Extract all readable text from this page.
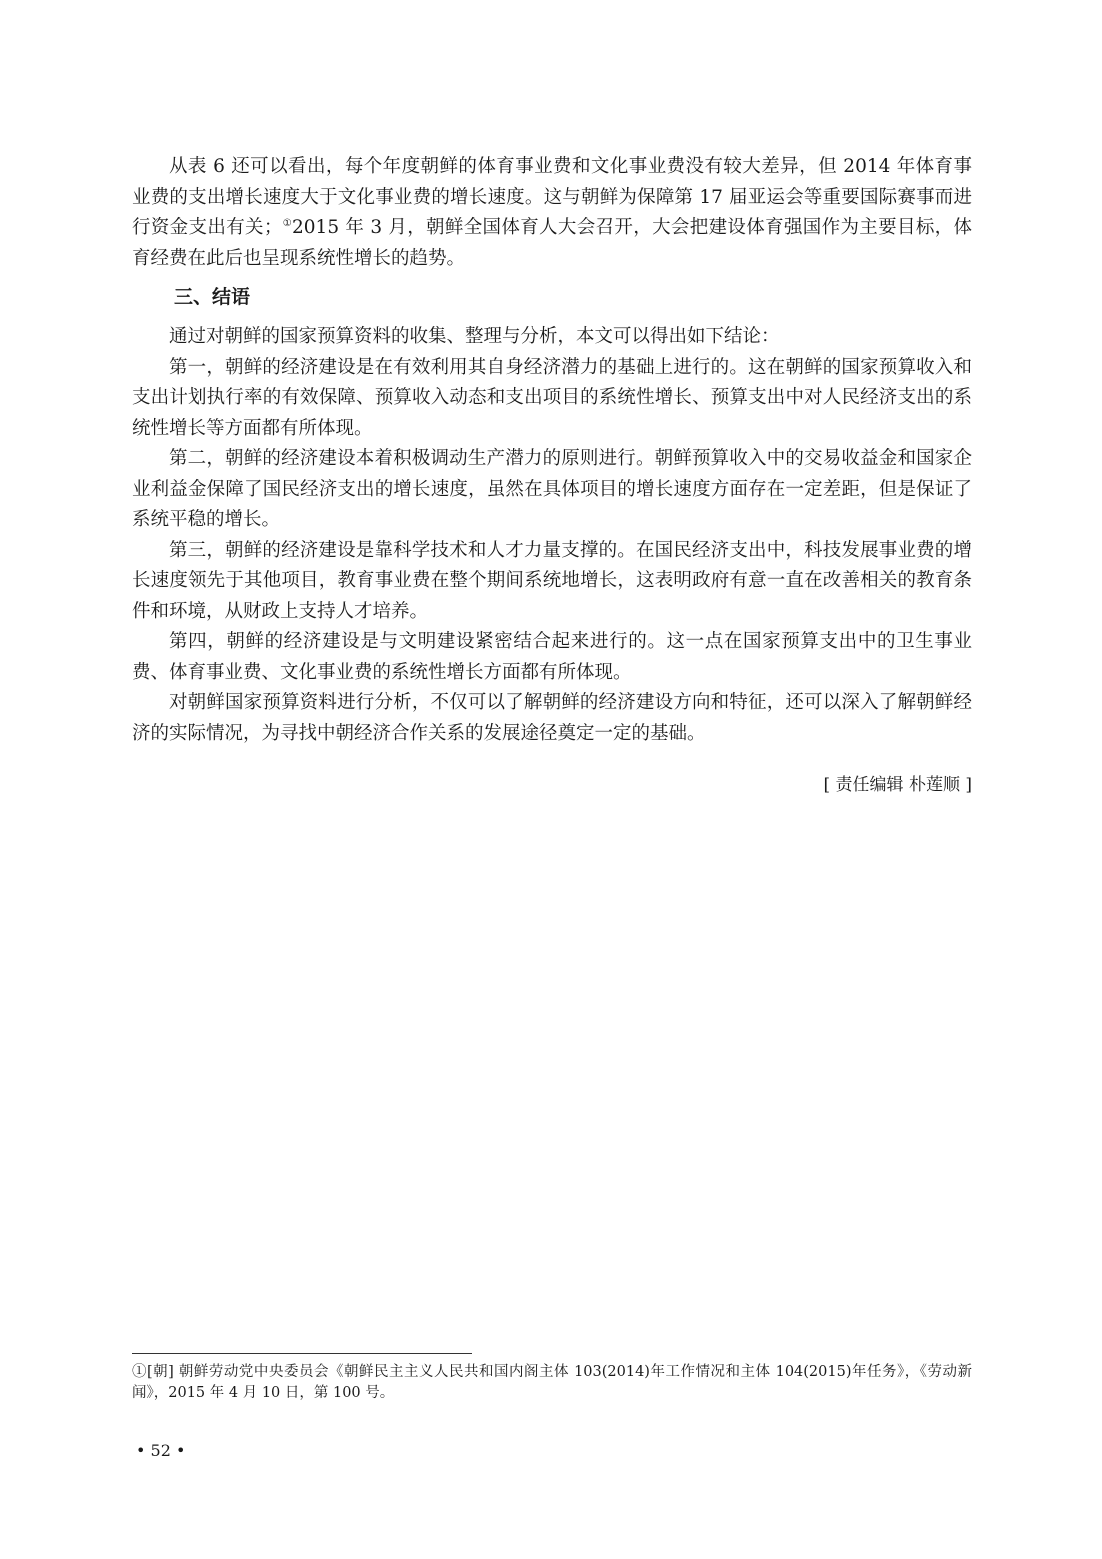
从表 6 还可以看出，每个年度朝鲜的体育事业费和文化事业费没有较大差异，但 2014 年体育事业费的支出增长速度大于文化事业费的增长速度。这与朝鲜为保障第 17 届亚运会等重要国际赛事而进行资金支出有关；①2015 年 3 月，朝鲜全国体育人大会召开，大会把建设体育强国作为主要目标，体育经费在此后也呈现系统性增长的趋势。

三、结语

通过对朝鲜的国家预算资料的收集、整理与分析，本文可以得出如下结论：

第一，朝鲜的经济建设是在有效利用其自身经济潜力的基础上进行的。这在朝鲜的国家预算收入和支出计划执行率的有效保障、预算收入动态和支出项目的系统性增长、预算支出中对人民经济支出的系统性增长等方面都有所体现。

第二，朝鲜的经济建设本着积极调动生产潜力的原则进行。朝鲜预算收入中的交易收益金和国家企业利益金保障了国民经济支出的增长速度，虽然在具体项目的增长速度方面存在一定差距，但是保证了系统平稳的增长。

第三，朝鲜的经济建设是靠科学技术和人才力量支撑的。在国民经济支出中，科技发展事业费的增长速度领先于其他项目，教育事业费在整个期间系统地增长，这表明政府有意一直在改善相关的教育条件和环境，从财政上支持人才培养。

第四，朝鲜的经济建设是与文明建设紧密结合起来进行的。这一点在国家预算支出中的卫生事业费、体育事业费、文化事业费的系统性增长方面都有所体现。

对朝鲜国家预算资料进行分析，不仅可以了解朝鲜的经济建设方向和特征，还可以深入了解朝鲜经济的实际情况，为寻找中朝经济合作关系的发展途径奠定一定的基础。

[ 责任编辑 朴莲顺 ]
①[朝] 朝鲜劳动党中央委员会《朝鲜民主主义人民共和国内阁主体 103(2014)年工作情况和主体 104(2015)年任务》，《劳动新闻》，2015 年 4 月 10 日，第 100 号。
• 52 •
